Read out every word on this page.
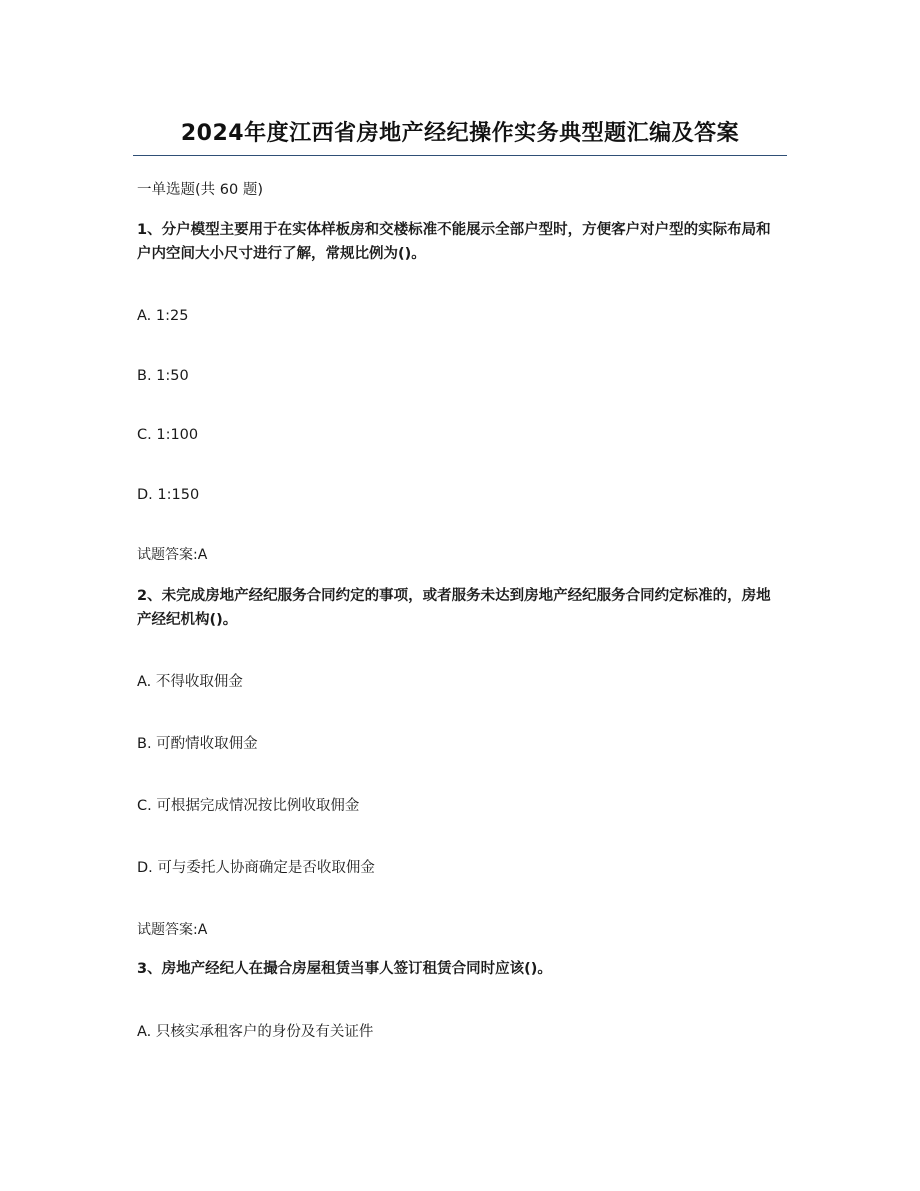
2024年度江西省房地产经纪操作实务典型题汇编及答案
一单选题(共 60 题)
1、分户模型主要用于在实体样板房和交楼标准不能展示全部户型时，方便客户对户型的实际布局和户内空间大小尺寸进行了解，常规比例为()。
A. 1:25
B. 1:50
C. 1:100
D. 1:150
试题答案:A
2、未完成房地产经纪服务合同约定的事项，或者服务未达到房地产经纪服务合同约定标准的，房地产经纪机构()。
A. 不得收取佣金
B. 可酌情收取佣金
C. 可根据完成情况按比例收取佣金
D. 可与委托人协商确定是否收取佣金
试题答案:A
3、房地产经纪人在撮合房屋租赁当事人签订租赁合同时应该()。
A. 只核实承租客户的身份及有关证件
